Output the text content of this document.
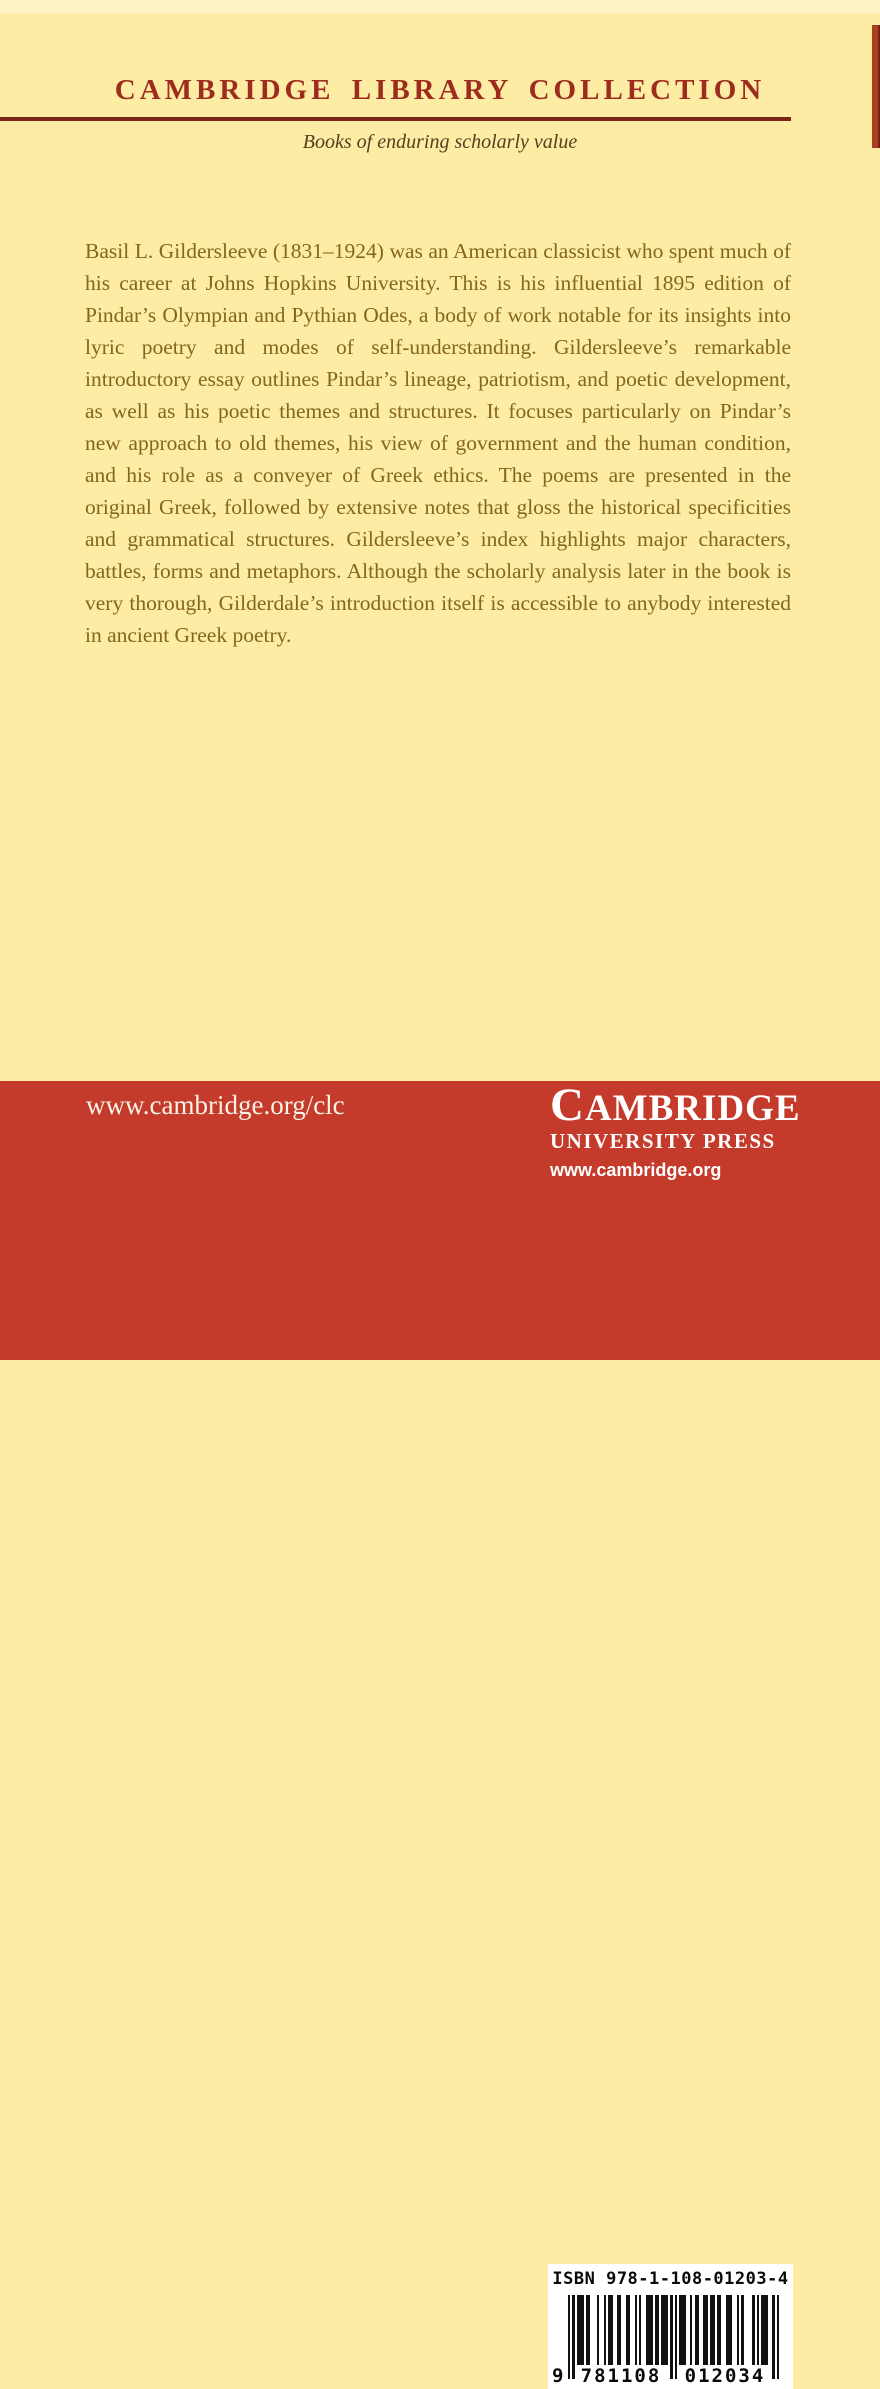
CAMBRIDGE LIBRARY COLLECTION
Books of enduring scholarly value
Basil L. Gildersleeve (1831–1924) was an American classicist who spent much of his career at Johns Hopkins University. This is his influential 1895 edition of Pindar’s Olympian and Pythian Odes, a body of work notable for its insights into lyric poetry and modes of self-understanding. Gildersleeve’s remarkable introductory essay outlines Pindar’s lineage, patriotism, and poetic development, as well as his poetic themes and structures. It focuses particularly on Pindar’s new approach to old themes, his view of government and the human condition, and his role as a conveyer of Greek ethics. The poems are presented in the original Greek, followed by extensive notes that gloss the historical specificities and grammatical structures. Gildersleeve’s index highlights major characters, battles, forms and metaphors. Although the scholarly analysis later in the book is very thorough, Gilderdale’s introduction itself is accessible to anybody interested in ancient Greek poetry.
www.cambridge.org/clc	CAMBRIDGE
UNIVERSITY PRESS
www.cambridge.org
ISBN 978-1-108-01203-4
9 781108 012034
